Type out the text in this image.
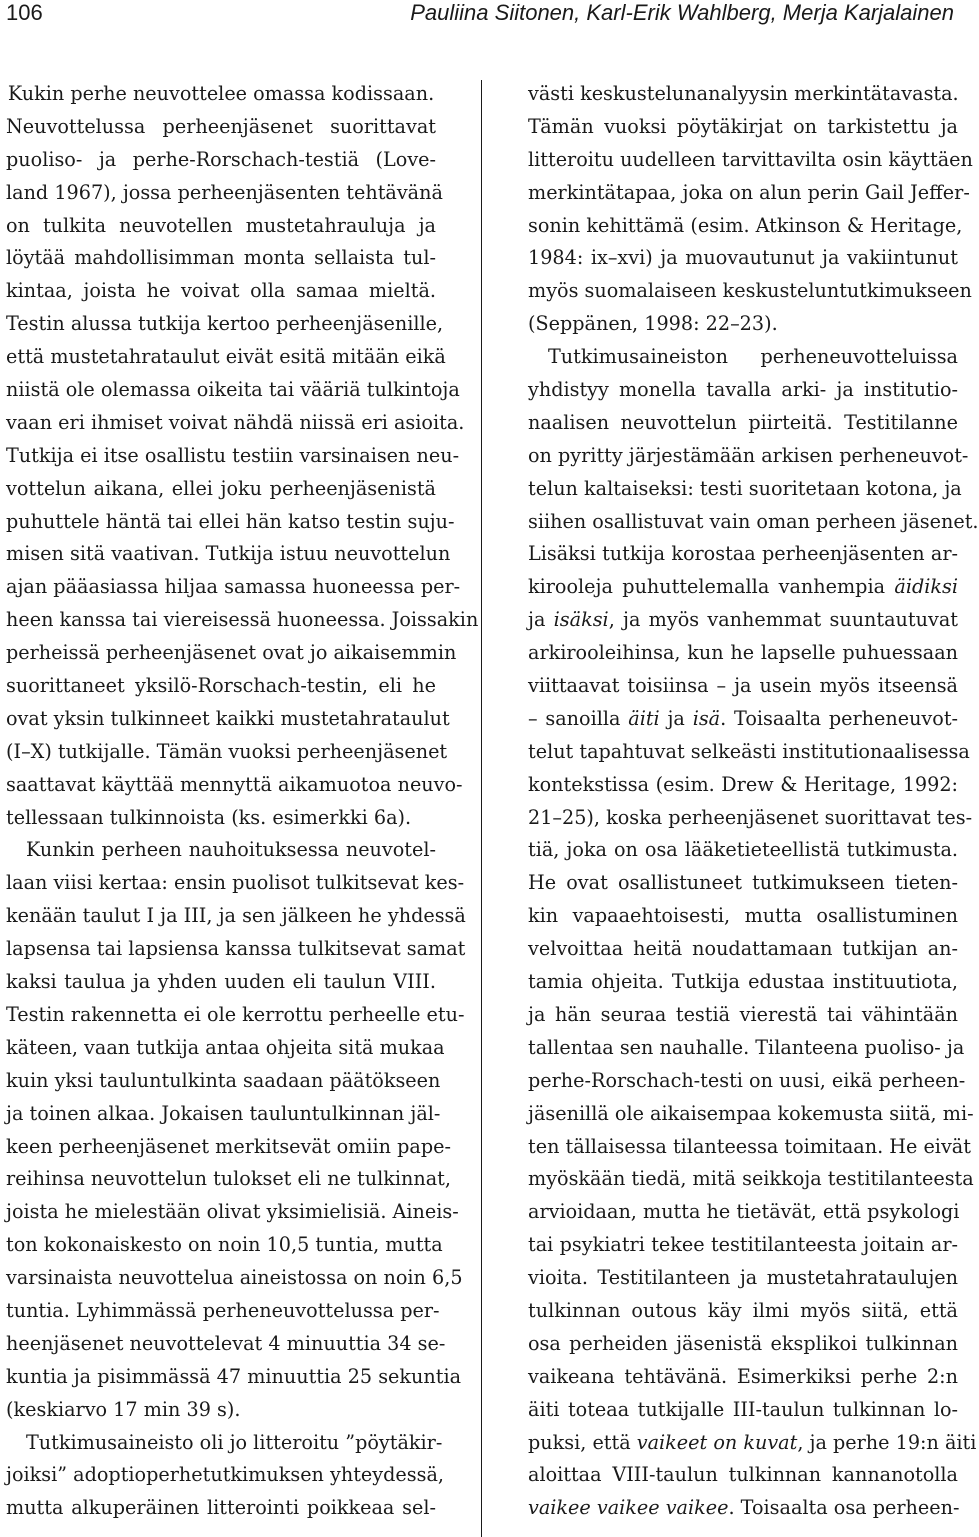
106	Pauliina Siitonen, Karl-Erik Wahlberg, Merja Karjalainen
Kukin perhe neuvottelee omassa kodissaan.
Neuvottelussa perheenjäsenet suorittavat
puoliso- ja perhe-Rorschach-testiä (Love-
land 1967), jossa perheenjäsenten tehtävänä
on tulkita neuvotellen mustetahrauluja ja
löytää mahdollisimman monta sellaista tul-
kintaa, joista he voivat olla samaa mieltä.
Testin alussa tutkija kertoo perheenjäsenille,
että mustetahrataulut eivät esitä mitään eikä
niistä ole olemassa oikeita tai vääriä tulkintoja
vaan eri ihmiset voivat nähdä niissä eri asioita.
Tutkija ei itse osallistu testiin varsinaisen neu-
vottelun aikana, ellei joku perheenjäsenistä
puhuttele häntä tai ellei hän katso testin suju-
misen sitä vaativan. Tutkija istuu neuvottelun
ajan pääasiassa hiljaa samassa huoneessa per-
heen kanssa tai viereisessä huoneessa. Joissakin
perheissä perheenjäsenet ovat jo aikaisemmin
suorittaneet yksilö-Rorschach-testin, eli he
ovat yksin tulkinneet kaikki mustetahrataulut
(I–X) tutkijalle. Tämän vuoksi perheenjäsenet
saattavat käyttää mennyttä aikamuotoa neuvo-
tellessaan tulkinnoista (ks. esimerkki 6a).
Kunkin perheen nauhoituksessa neuvotel-
laan viisi kertaa: ensin puolisot tulkitsevat kes-
kenään taulut I ja III, ja sen jälkeen he yhdessä
lapsensa tai lapsiensa kanssa tulkitsevat samat
kaksi taulua ja yhden uuden eli taulun VIII.
Testin rakennetta ei ole kerrottu perheelle etu-
käteen, vaan tutkija antaa ohjeita sitä mukaa
kuin yksi tauluntulkinta saadaan päätökseen
ja toinen alkaa. Jokaisen tauluntulkinnan jäl-
keen perheenjäsenet merkitsevät omiin pape-
reihinsa neuvottelun tulokset eli ne tulkinnat,
joista he mielestään olivat yksimielisiä. Aineis-
ton kokonaiskesto on noin 10,5 tuntia, mutta
varsinaista neuvottelua aineistossa on noin 6,5
tuntia. Lyhimmässä perheneuvottelussa per-
heenjäsenet neuvottelevat 4 minuuttia 34 se-
kuntia ja pisimmässä 47 minuuttia 25 sekuntia
(keskiarvo 17 min 39 s).
Tutkimusaineisto oli jo litteroitu ”pöytäkir-
joiksi” adoptioperhetutkimuksen yhteydessä,
mutta alkuperäinen litterointi poikkeaa sel-
västi keskustelunanalyysin merkintätavasta.
Tämän vuoksi pöytäkirjat on tarkistettu ja
litteroitu uudelleen tarvittavilta osin käyttäen
merkintätapaa, joka on alun perin Gail Jeffer-
sonin kehittämä (esim. Atkinson & Heritage,
1984: ix–xvi) ja muovautunut ja vakiintunut
myös suomalaiseen keskusteluntutkimukseen
(Seppänen, 1998: 22–23).
Tutkimusaineiston perheneuvotteluissa
yhdistyy monella tavalla arki- ja institutio-
naalisen neuvottelun piirteitä. Testitilanne
on pyritty järjestämään arkisen perheneuvot-
telun kaltaiseksi: testi suoritetaan kotona, ja
siihen osallistuvat vain oman perheen jäsenet.
Lisäksi tutkija korostaa perheenjäsenten ar-
kirooleja puhuttelemalla vanhempia äidiksi
ja isäksi, ja myös vanhemmat suuntautuvat
arkirooleihinsa, kun he lapselle puhuessaan
viittaavat toisiinsa – ja usein myös itseensä
– sanoilla äiti ja isä. Toisaalta perheneuvot-
telut tapahtuvat selkeästi institutionaalisessa
kontekstissa (esim. Drew & Heritage, 1992:
21–25), koska perheenjäsenet suorittavat tes-
tiä, joka on osa lääketieteellistä tutkimusta.
He ovat osallistuneet tutkimukseen tieten-
kin vapaaehtoisesti, mutta osallistuminen
velvoittaa heitä noudattamaan tutkijan an-
tamia ohjeita. Tutkija edustaa instituutiota,
ja hän seuraa testiä vierestä tai vähintään
tallentaa sen nauhalle. Tilanteena puoliso- ja
perhe-Rorschach-testi on uusi, eikä perheen-
jäsenillä ole aikaisempaa kokemusta siitä, mi-
ten tällaisessa tilanteessa toimitaan. He eivät
myöskään tiedä, mitä seikkoja testitilanteesta
arvioidaan, mutta he tietävät, että psykologi
tai psykiatri tekee testitilanteesta joitain ar-
vioita. Testitilanteen ja mustetahrataulujen
tulkinnan outous käy ilmi myös siitä, että
osa perheiden jäsenistä eksplikoi tulkinnan
vaikeana tehtävänä. Esimerkiksi perhe 2:n
äiti toteaa tutkijalle III-taulun tulkinnan lo-
puksi, että vaikeet on kuvat, ja perhe 19:n äiti
aloittaa VIII-taulun tulkinnan kannanotolla
vaikee vaikee vaikee. Toisaalta osa perheen-
